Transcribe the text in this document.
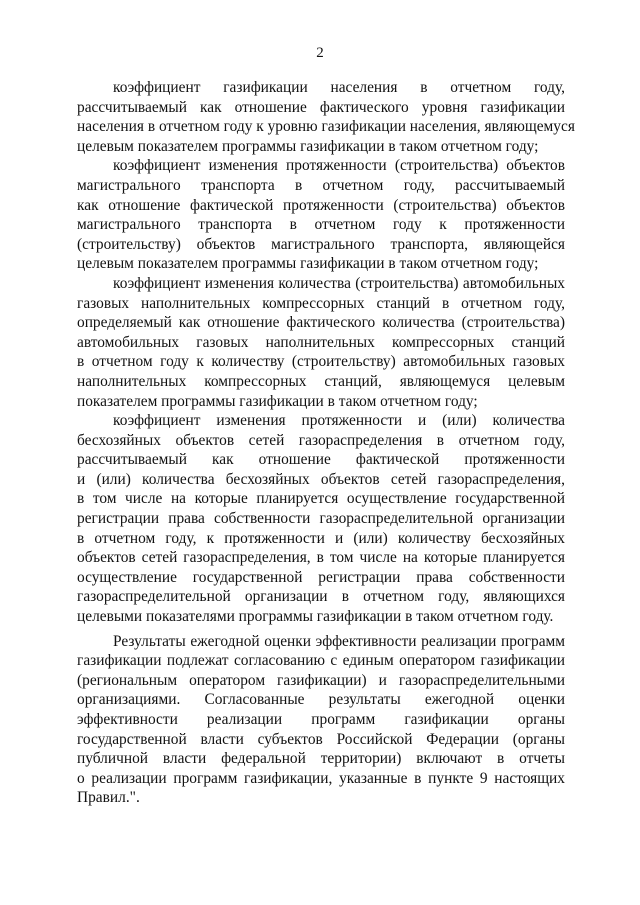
2

коэффициент газификации населения в отчетном году,
рассчитываемый как отношение фактического уровня газификации
населения в отчетном году к уровню газификации населения, являющемуся
целевым показателем программы газификации в таком отчетном году;

коэффициент изменения протяженности (строительства) объектов
магистрального транспорта в отчетном году, рассчитываемый
как отношение фактической протяженности (строительства) объектов
магистрального транспорта в отчетном году к протяженности
(строительству) объектов магистрального транспорта, являющейся
целевым показателем программы газификации в таком отчетном году;

коэффициент изменения количества (строительства) автомобильных
газовых наполнительных компрессорных станций в отчетном году,
определяемый как отношение фактического количества (строительства)
автомобильных газовых наполнительных компрессорных станций
в отчетном году к количеству (строительству) автомобильных газовых
наполнительных компрессорных станций, являющемуся целевым
показателем программы газификации в таком отчетном году;

коэффициент изменения протяженности и (или) количества
бесхозяйных объектов сетей газораспределения в отчетном году,
рассчитываемый как отношение фактической протяженности
и (или) количества бесхозяйных объектов сетей газораспределения,
в том числе на которые планируется осуществление государственной
регистрации права собственности газораспределительной организации
в отчетном году, к протяженности и (или) количеству бесхозяйных
объектов сетей газораспределения, в том числе на которые планируется
осуществление государственной регистрации права собственности
газораспределительной организации в отчетном году, являющихся
целевыми показателями программы газификации в таком отчетном году.

Результаты ежегодной оценки эффективности реализации программ
газификации подлежат согласованию с единым оператором газификации
(региональным оператором газификации) и газораспределительными
организациями. Согласованные результаты ежегодной оценки
эффективности реализации программ газификации органы
государственной власти субъектов Российской Федерации (органы
публичной власти федеральной территории) включают в отчеты
о реализации программ газификации, указанные в пункте 9 настоящих
Правил.".
